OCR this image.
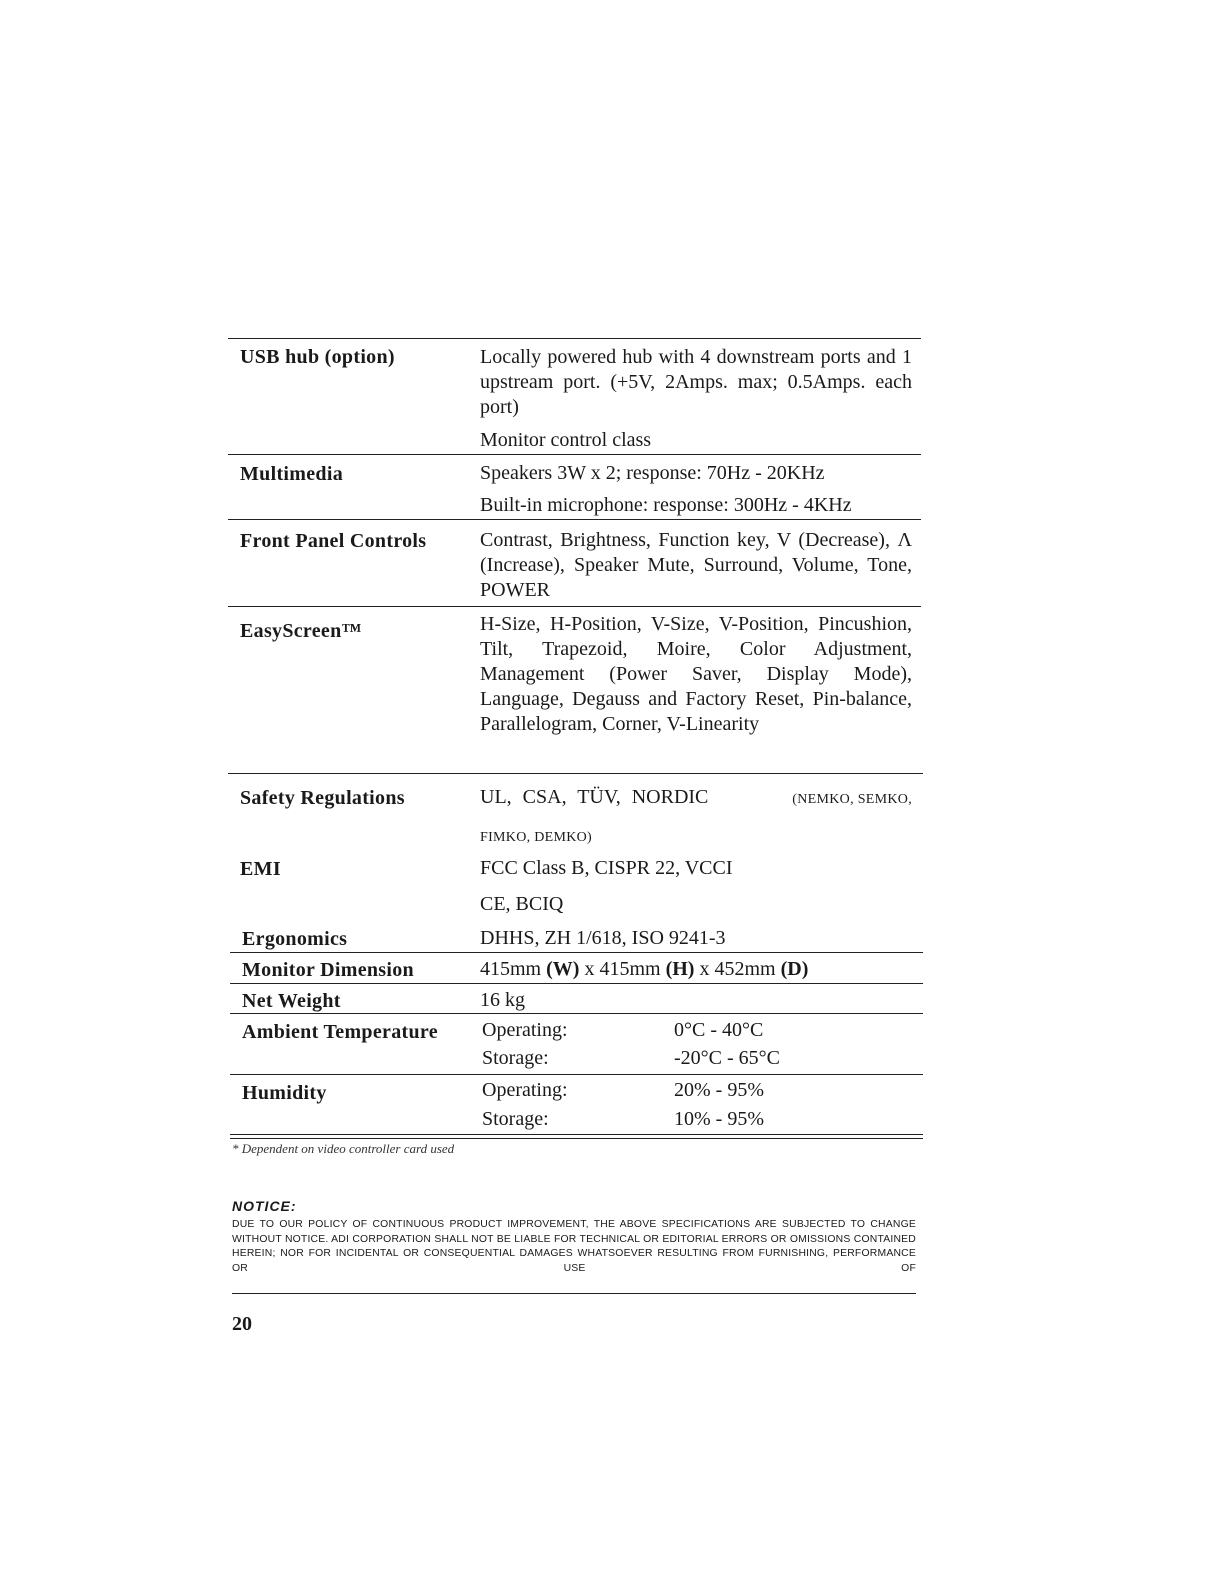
USB hub (option)	Locally powered hub with 4 downstream ports and 1 upstream port. (+5V, 2Amps. max; 0.5Amps. each port)
Monitor control class
Multimedia	Speakers 3W x 2; response: 70Hz - 20KHz
Built-in microphone: response: 300Hz - 4KHz
Front Panel Controls	Contrast, Brightness, Function key, V (Decrease), Λ (Increase), Speaker Mute, Surround, Volume, Tone, POWER
EasyScreen™	H-Size, H-Position, V-Size, V-Position, Pincushion, Tilt, Trapezoid, Moire, Color Adjustment, Management (Power Saver, Display Mode), Language, Degauss and Factory Reset, Pin-balance, Parallelogram, Corner, V-Linearity
Safety Regulations	UL, CSA, TÜV, NORDIC	(NEMKO, SEMKO,
FIMKO, DEMKO)
EMI	FCC Class B, CISPR 22, VCCI
CE, BCIQ
Ergonomics	DHHS, ZH 1/618, ISO 9241-3
Monitor Dimension	415mm (W) x 415mm (H) x 452mm (D)
Net Weight	16 kg
Ambient Temperature Operating:	0°C - 40°C
Storage:	-20°C - 65°C
Humidity	Operating:	20% - 95%
Storage:	10% - 95%
* Dependent on video controller card used
NOTICE:
DUE TO OUR POLICY OF CONTINUOUS PRODUCT IMPROVEMENT, THE ABOVE SPECIFICATIONS ARE SUBJECTED TO CHANGE WITHOUT NOTICE. ADI CORPORATION SHALL NOT BE LIABLE FOR TECHNICAL OR EDITORIAL ERRORS OR OMISSIONS CONTAINED HEREIN; NOR FOR INCIDENTAL OR CONSEQUENTIAL DAMAGES WHATSOEVER RESULTING FROM FURNISHING, PERFORMANCE OR USE OF
20
